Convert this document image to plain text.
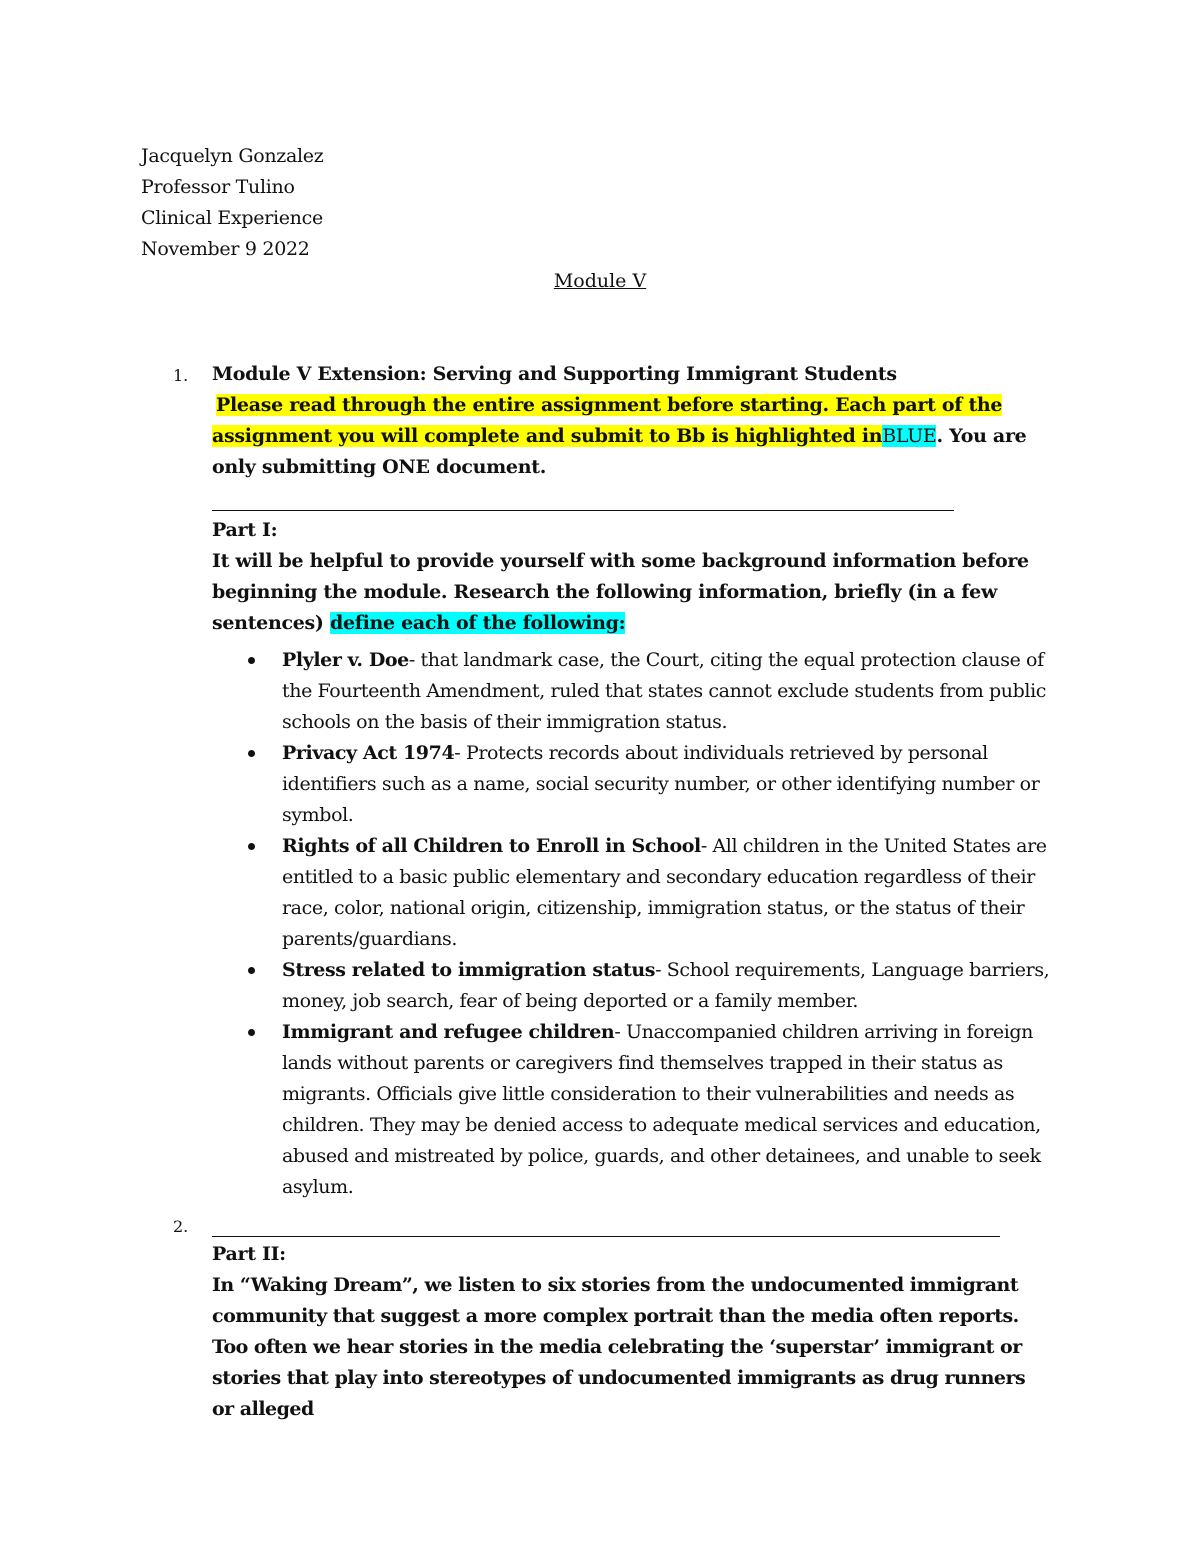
Jacquelyn Gonzalez
Professor Tulino
Clinical Experience
November 9 2022
Module V
1. Module V Extension: Serving and Supporting Immigrant Students
Please read through the entire assignment before starting. Each part of the assignment you will complete and submit to Bb is highlighted inBLUE. You are only submitting ONE document.
Part I:
It will be helpful to provide yourself with some background information before beginning the module. Research the following information, briefly (in a few sentences) define each of the following:
Plyler v. Doe- that landmark case, the Court, citing the equal protection clause of the Fourteenth Amendment, ruled that states cannot exclude students from public schools on the basis of their immigration status.
Privacy Act 1974- Protects records about individuals retrieved by personal identifiers such as a name, social security number, or other identifying number or symbol.
Rights of all Children to Enroll in School- All children in the United States are entitled to a basic public elementary and secondary education regardless of their race, color, national origin, citizenship, immigration status, or the status of their parents/guardians.
Stress related to immigration status- School requirements, Language barriers, money, job search, fear of being deported or a family member.
Immigrant and refugee children- Unaccompanied children arriving in foreign lands without parents or caregivers find themselves trapped in their status as migrants. Officials give little consideration to their vulnerabilities and needs as children. They may be denied access to adequate medical services and education, abused and mistreated by police, guards, and other detainees, and unable to seek asylum.
2.
Part II:
In “Waking Dream”, we listen to six stories from the undocumented immigrant community that suggest a more complex portrait than the media often reports. Too often we hear stories in the media celebrating the ‘superstar’ immigrant or stories that play into stereotypes of undocumented immigrants as drug runners or alleged
